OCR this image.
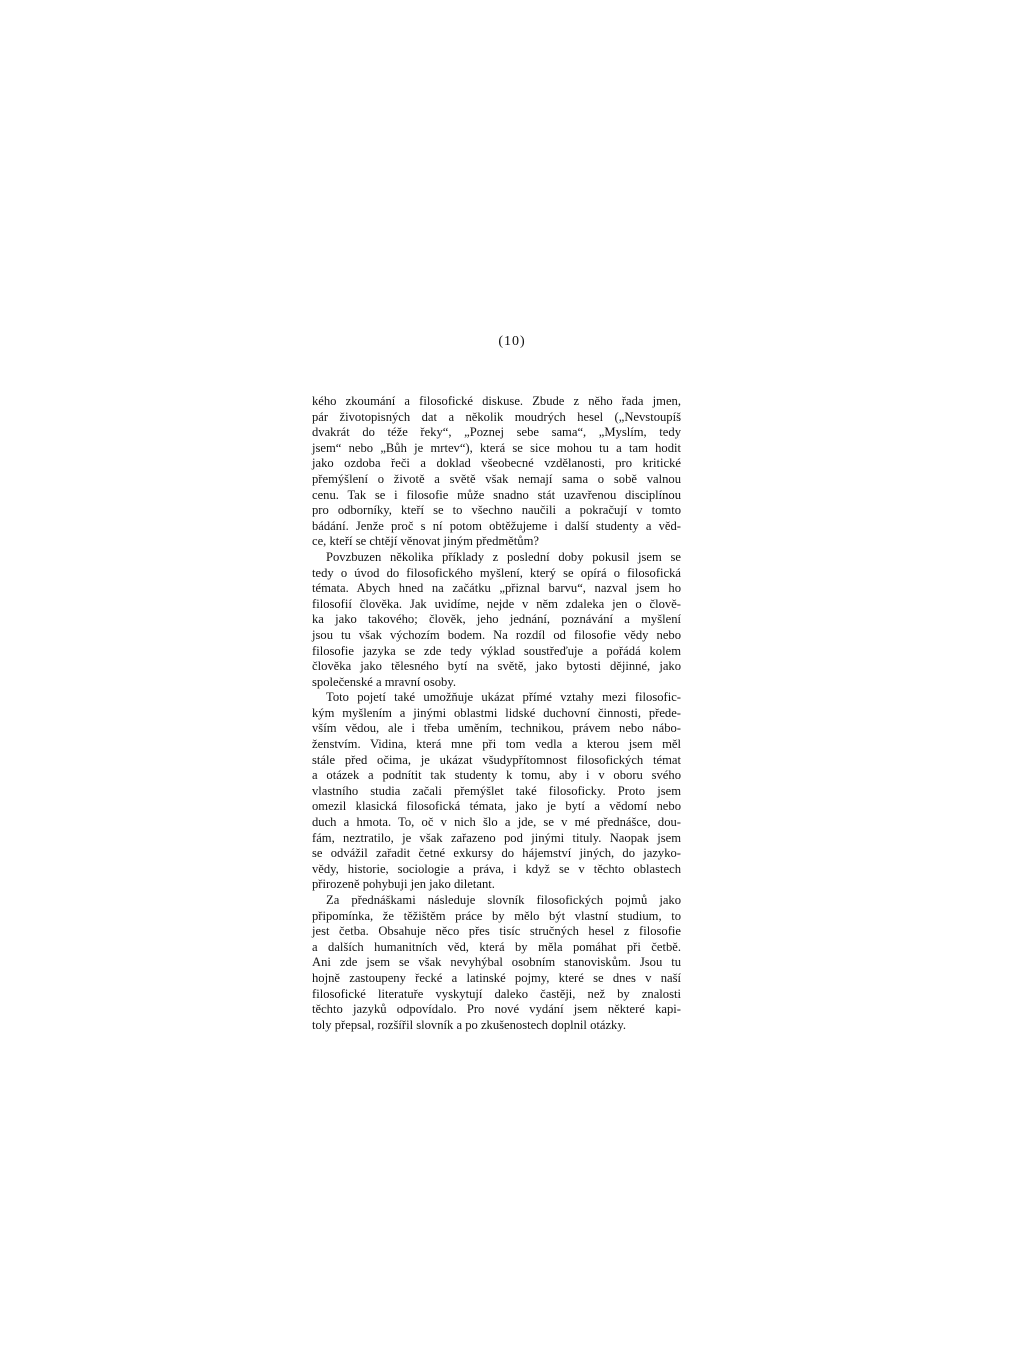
(10)
kého zkoumání a filosofické diskuse. Zbude z něho řada jmen,
pár životopisných dat a několik moudrých hesel („Nevstoupíš
dvakrát do téže řeky“, „Poznej sebe sama“, „Myslím, tedy
jsem“ nebo „Bůh je mrtev“), která se sice mohou tu a tam hodit
jako ozdoba řeči a doklad všeobecné vzdělanosti, pro kritické
přemýšlení o životě a světě však nemají sama o sobě valnou
cenu. Tak se i filosofie může snadno stát uzavřenou disciplínou
pro odborníky, kteří se to všechno naučili a pokračují v tomto
bádání. Jenže proč s ní potom obtěžujeme i další studenty a věd-
ce, kteří se chtějí věnovat jiným předmětům?
Povzbuzen několika příklady z poslední doby pokusil jsem se
tedy o úvod do filosofického myšlení, který se opírá o filosofická
témata. Abych hned na začátku „přiznal barvu“, nazval jsem ho
filosofií člověka. Jak uvidíme, nejde v něm zdaleka jen o člově-
ka jako takového; člověk, jeho jednání, poznávání a myšlení
jsou tu však výchozím bodem. Na rozdíl od filosofie vědy nebo
filosofie jazyka se zde tedy výklad soustřeďuje a pořádá kolem
člověka jako tělesného bytí na světě, jako bytosti dějinné, jako
společenské a mravní osoby.
Toto pojetí také umožňuje ukázat přímé vztahy mezi filosofic-
kým myšlením a jinými oblastmi lidské duchovní činnosti, přede-
vším vědou, ale i třeba uměním, technikou, právem nebo nábo-
ženstvím. Vidina, která mne při tom vedla a kterou jsem měl
stále před očima, je ukázat všudypřítomnost filosofických témat
a otázek a podnítit tak studenty k tomu, aby i v oboru svého
vlastního studia začali přemýšlet také filosoficky. Proto jsem
omezil klasická filosofická témata, jako je bytí a vědomí nebo
duch a hmota. To, oč v nich šlo a jde, se v mé přednášce, dou-
fám, neztratilo, je však zařazeno pod jinými tituly. Naopak jsem
se odvážil zařadit četné exkursy do hájemství jiných, do jazyko-
vědy, historie, sociologie a práva, i když se v těchto oblastech
přirozeně pohybuji jen jako diletant.
Za přednáškami následuje slovník filosofických pojmů jako
připomínka, že těžištěm práce by mělo být vlastní studium, to
jest četba. Obsahuje něco přes tisíc stručných hesel z filosofie
a dalších humanitních věd, která by měla pomáhat při četbě.
Ani zde jsem se však nevyhýbal osobním stanoviskům. Jsou tu
hojně zastoupeny řecké a latinské pojmy, které se dnes v naší
filosofické literatuře vyskytují daleko častěji, než by znalosti
těchto jazyků odpovídalo. Pro nové vydání jsem některé kapi-
toly přepsal, rozšířil slovník a po zkušenostech doplnil otázky.
